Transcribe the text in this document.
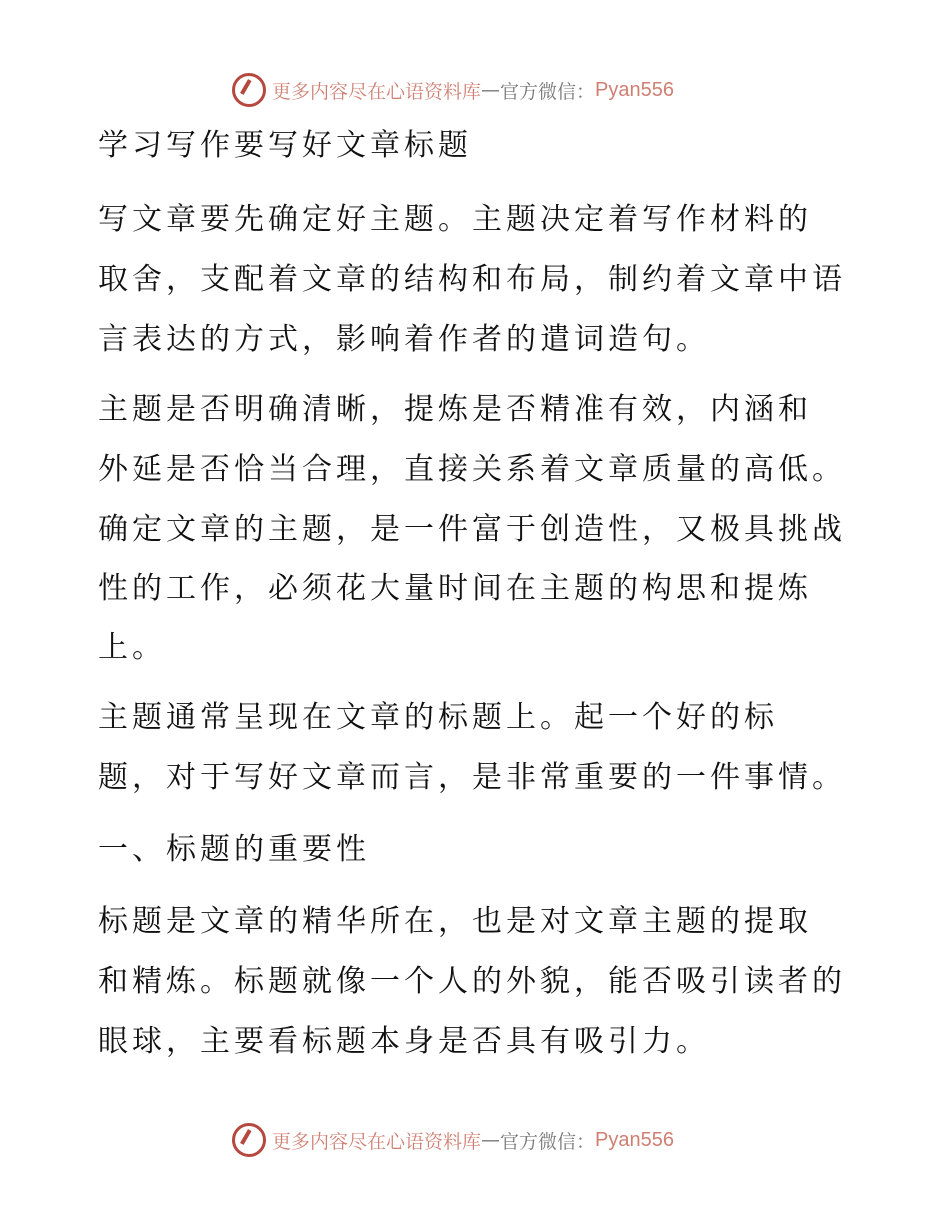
更多内容尽在心语资料库 — 官方微信： Pyan556
学习写作要写好文章标题
写文章要先确定好主题。主题决定着写作材料的
取舍，支配着文章的结构和布局，制约着文章中语
言表达的方式，影响着作者的遣词造句。
主题是否明确清晰，提炼是否精准有效，内涵和
外延是否恰当合理，直接关系着文章质量的高低。
确定文章的主题，是一件富于创造性，又极具挑战
性的工作，必须花大量时间在主题的构思和提炼
上。
主题通常呈现在文章的标题上。起一个好的标
题，对于写好文章而言，是非常重要的一件事情。
一、标题的重要性
标题是文章的精华所在，也是对文章主题的提取
和精炼。标题就像一个人的外貌，能否吸引读者的
眼球，主要看标题本身是否具有吸引力。
更多内容尽在心语资料库 — 官方微信： Pyan556
